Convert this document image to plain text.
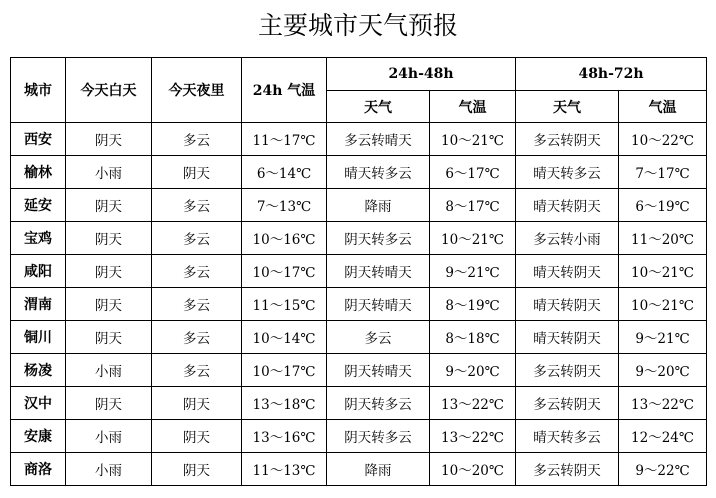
主要城市天气预报
城市	今天白天	今天夜里	24h 气温	24h-48h		48h-72h	
				天气	气温	天气	气温
西安	阴天	多云	11～17℃	多云转晴天	10～21℃	多云转阴天	10～22℃
榆林	小雨	阴天	6～14℃	晴天转多云	6～17℃	晴天转多云	7～17℃
延安	阴天	多云	7～13℃	降雨	8～17℃	晴天转阴天	6～19℃
宝鸡	阴天	多云	10～16℃	阴天转多云	10～21℃	多云转小雨	11～20℃
咸阳	阴天	多云	10～17℃	阴天转晴天	9～21℃	晴天转阴天	10～21℃
渭南	阴天	多云	11～15℃	阴天转晴天	8～19℃	晴天转阴天	10～21℃
铜川	阴天	多云	10～14℃	多云	8～18℃	晴天转阴天	9～21℃
杨凌	小雨	多云	10～17℃	阴天转晴天	9～20℃	多云转阴天	9～20℃
汉中	阴天	阴天	13～18℃	阴天转多云	13～22℃	多云转阴天	13～22℃
安康	小雨	阴天	13～16℃	阴天转多云	13～22℃	晴天转多云	12～24℃
商洛	小雨	阴天	11～13℃	降雨	10～20℃	多云转阴天	9～22℃
